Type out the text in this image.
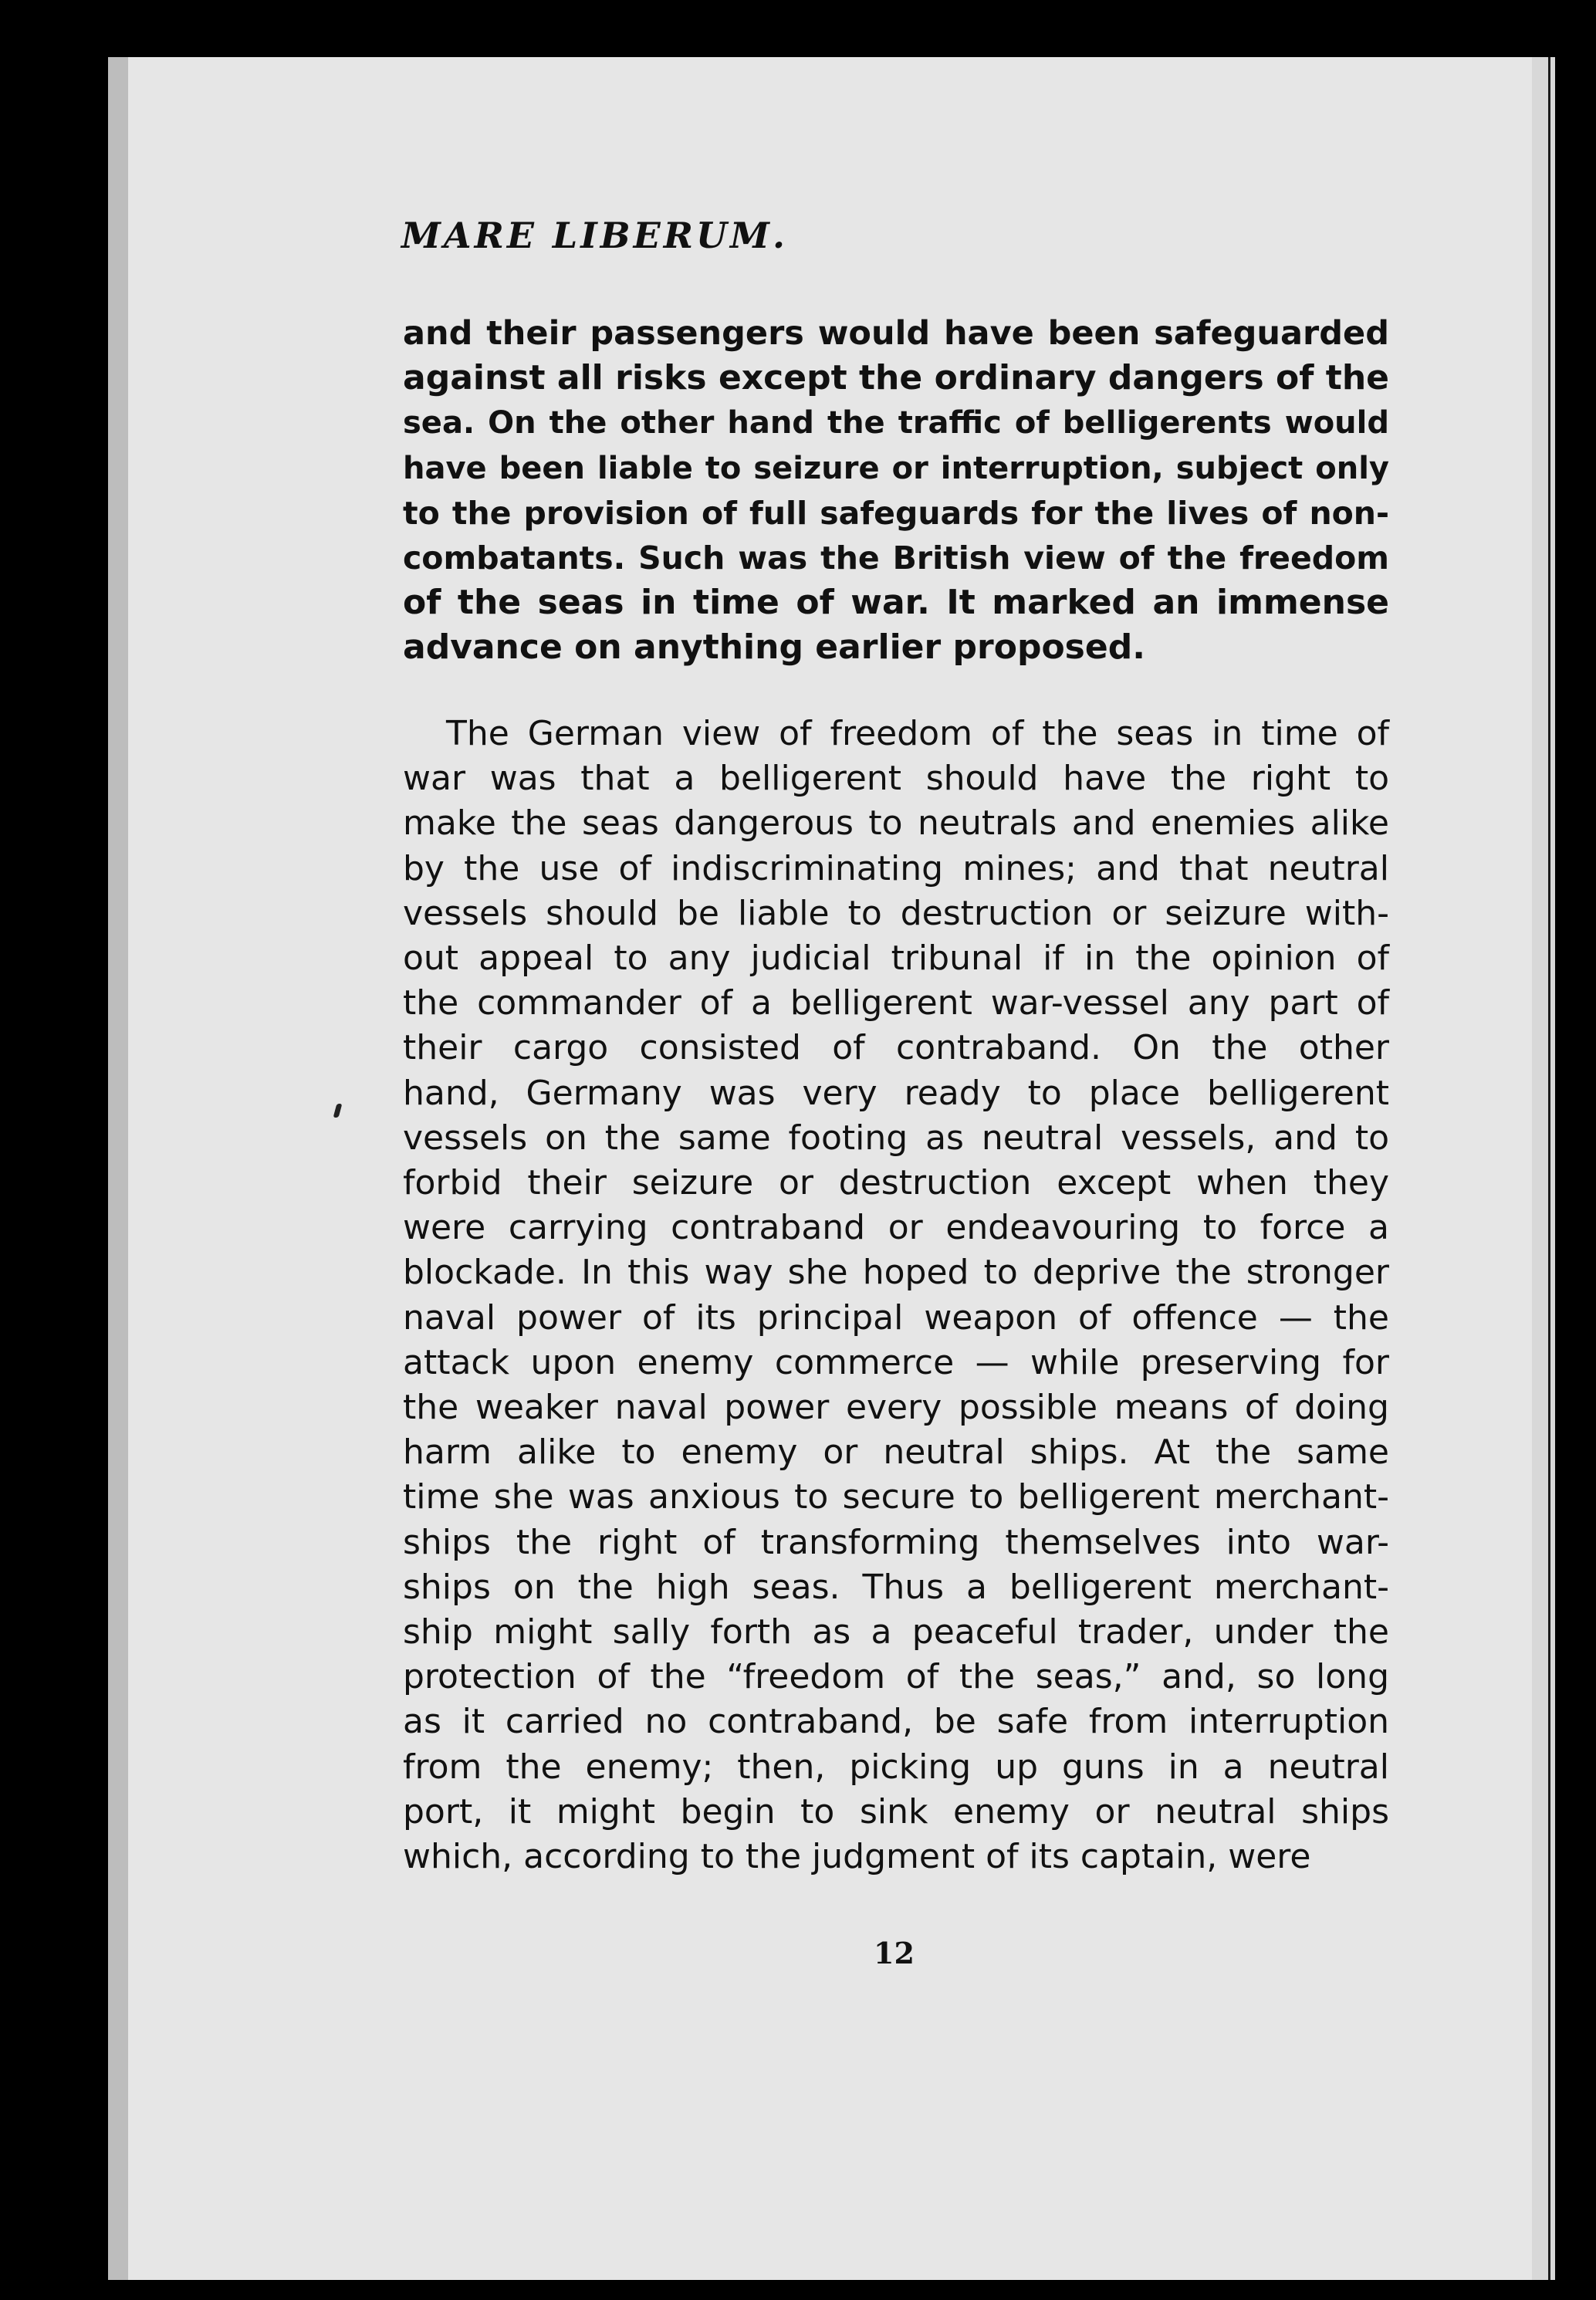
MARE LIBERUM.
and their passengers would have been safeguarded
against all risks except the ordinary dangers of the
sea. On the other hand the traffic of belligerents would
have been liable to seizure or interruption, subject only
to the provision of full safeguards for the lives of non-
combatants. Such was the British view of the freedom
of the seas in time of war. It marked an immense
advance on anything earlier proposed.
The German view of freedom of the seas in time of
war was that a belligerent should have the right to
make the seas dangerous to neutrals and enemies alike
by the use of indiscriminating mines; and that neutral
vessels should be liable to destruction or seizure with-
out appeal to any judicial tribunal if in the opinion of
the commander of a belligerent war-vessel any part of
their cargo consisted of contraband. On the other
hand, Germany was very ready to place belligerent
vessels on the same footing as neutral vessels, and to
forbid their seizure or destruction except when they
were carrying contraband or endeavouring to force a
blockade. In this way she hoped to deprive the stronger
naval power of its principal weapon of offence — the
attack upon enemy commerce — while preserving for
the weaker naval power every possible means of doing
harm alike to enemy or neutral ships. At the same
time she was anxious to secure to belligerent merchant-
ships the right of transforming themselves into war-
ships on the high seas. Thus a belligerent merchant-
ship might sally forth as a peaceful trader, under the
protection of the “freedom of the seas,” and, so long
as it carried no contraband, be safe from interruption
from the enemy; then, picking up guns in a neutral
port, it might begin to sink enemy or neutral ships
which, according to the judgment of its captain, were

12
